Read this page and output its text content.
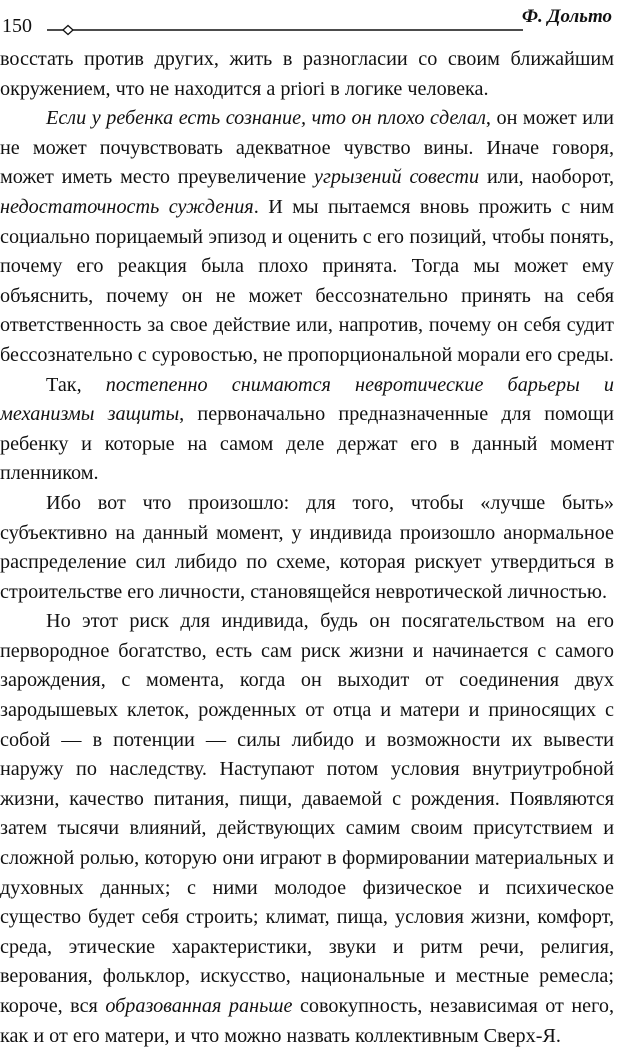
150	Ф. Дольто

восстать против других, жить в разногласии со своим ближайшим окружением, что не находится a priori в логике человека.

Если у ребенка есть сознание, что он плохо сделал, он может или не может почувствовать адекватное чувство вины. Иначе говоря, может иметь место преувеличение угрызений совести или, наоборот, недостаточность суждения. И мы пытаемся вновь прожить с ним социально порицаемый эпизод и оценить с его позиций, чтобы понять, почему его реакция была плохо принята. Тогда мы может ему объяснить, почему он не может бессознательно принять на себя ответственность за свое действие или, напротив, почему он себя судит бессознательно с суровостью, не пропорциональной морали его среды.

Так, постепенно снимаются невротические барьеры и механизмы защиты, первоначально предназначенные для помощи ребенку и которые на самом деле держат его в данный момент пленником.

Ибо вот что произошло: для того, чтобы «лучше быть» субъективно на данный момент, у индивида произошло анормальное распределение сил либидо по схеме, которая рискует утвердиться в строительстве его личности, становящейся невротической личностью.

Но этот риск для индивида, будь он посягательством на его первородное богатство, есть сам риск жизни и начинается с самого зарождения, с момента, когда он выходит от соединения двух зародышевых клеток, рожденных от отца и матери и приносящих с собой — в потенции — силы либидо и возможности их вывести наружу по наследству. Наступают потом условия внутриутробной жизни, качество питания, пищи, даваемой с рождения. Появляются затем тысячи влияний, действующих самим своим присутствием и сложной ролью, которую они играют в формировании материальных и духовных данных; с ними молодое физическое и психическое существо будет себя строить; климат, пища, условия жизни, комфорт, среда, этические характеристики, звуки и ритм речи, религия, верования, фольклор, искусство, национальные и местные ремесла; короче, вся образованная раньше совокупность, независимая от него, как и от его матери, и что можно назвать коллективным Сверх-Я.
